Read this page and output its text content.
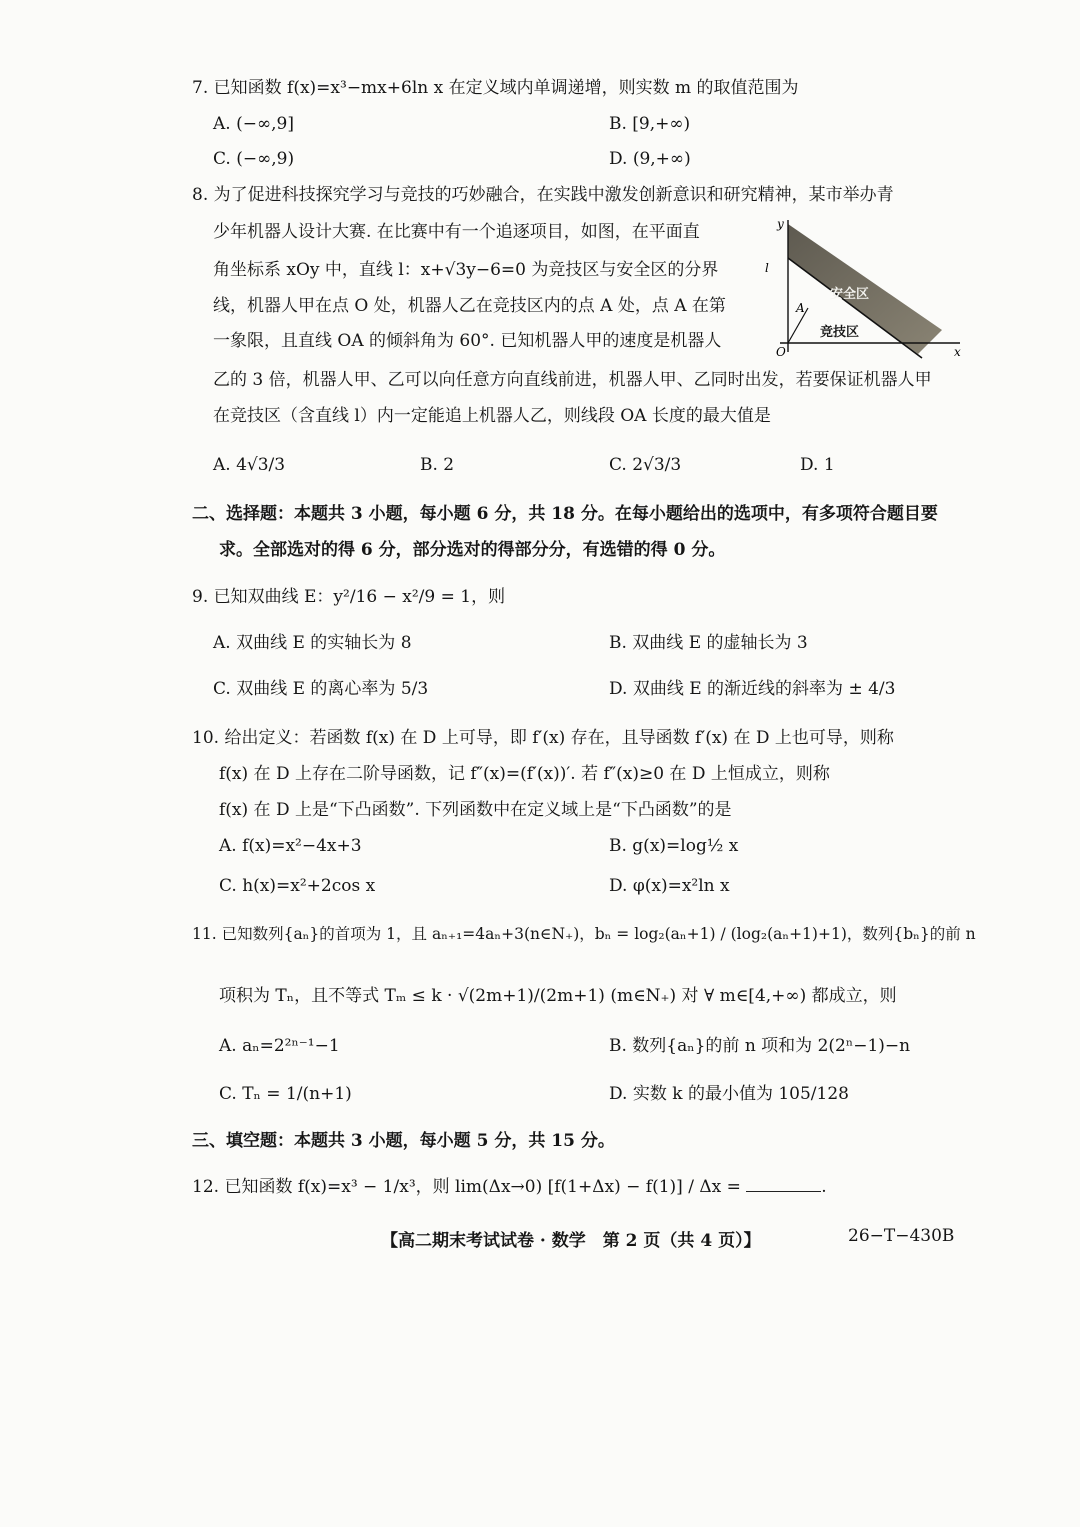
7. 已知函数 f(x)=x³−mx+6ln x 在定义域内单调递增，则实数 m 的取值范围为
A. (−∞,9]	B. [9,+∞)
C. (−∞,9)	D. (9,+∞)
8. 为了促进科技探究学习与竞技的巧妙融合，在实践中激发创新意识和研究精神，某市举办青
少年机器人设计大赛. 在比赛中有一个追逐项目，如图，在平面直
角坐标系 xOy 中，直线 l：x+√3y−6=0 为竞技区与安全区的分界
线，机器人甲在点 O 处，机器人乙在竞技区内的点 A 处，点 A 在第
一象限，且直线 OA 的倾斜角为 60°. 已知机器人甲的速度是机器人
乙的 3 倍，机器人甲、乙可以向任意方向直线前进，机器人甲、乙同时出发，若要保证机器人甲
在竞技区（含直线 l）内一定能追上机器人乙，则线段 OA 长度的最大值是
y
l
安全区
A
竞技区
O	x
A. 4√3/3	B. 2	C. 2√3/3	D. 1
二、选择题：本题共 3 小题，每小题 6 分，共 18 分。在每小题给出的选项中，有多项符合题目要
求。全部选对的得 6 分，部分选对的得部分分，有选错的得 0 分。
9. 已知双曲线 E：y²/16 − x²/9 = 1，则
A. 双曲线 E 的实轴长为 8	B. 双曲线 E 的虚轴长为 3
C. 双曲线 E 的离心率为 5/3	D. 双曲线 E 的渐近线的斜率为 ± 4/3
10. 给出定义：若函数 f(x) 在 D 上可导，即 f′(x) 存在，且导函数 f′(x) 在 D 上也可导，则称
f(x) 在 D 上存在二阶导函数，记 f″(x)=(f′(x))′. 若 f″(x)≥0 在 D 上恒成立，则称
f(x) 在 D 上是“下凸函数”. 下列函数中在定义域上是“下凸函数”的是
A. f(x)=x²−4x+3	B. g(x)=log½ x
C. h(x)=x²+2cos x	D. φ(x)=x²ln x
11. 已知数列{aₙ}的首项为 1，且 aₙ₊₁=4aₙ+3(n∈N₊)，bₙ = log₂(aₙ+1) / (log₂(aₙ+1)+1)，数列{bₙ}的前 n
项积为 Tₙ，且不等式 Tₘ ≤ k · √(2m+1)/(2m+1) (m∈N₊) 对 ∀ m∈[4,+∞) 都成立，则
A. aₙ=2²ⁿ⁻¹−1	B. 数列{aₙ}的前 n 项和为 2(2ⁿ−1)−n
C. Tₙ = 1/(n+1)	D. 实数 k 的最小值为 105/128
三、填空题：本题共 3 小题，每小题 5 分，共 15 分。
12. 已知函数 f(x)=x³ − 1/x³，则 lim(Δx→0) [f(1+Δx) − f(1)] / Δx =	.
【高二期末考试试卷 · 数学　第 2 页（共 4 页）】	26−T−430B
